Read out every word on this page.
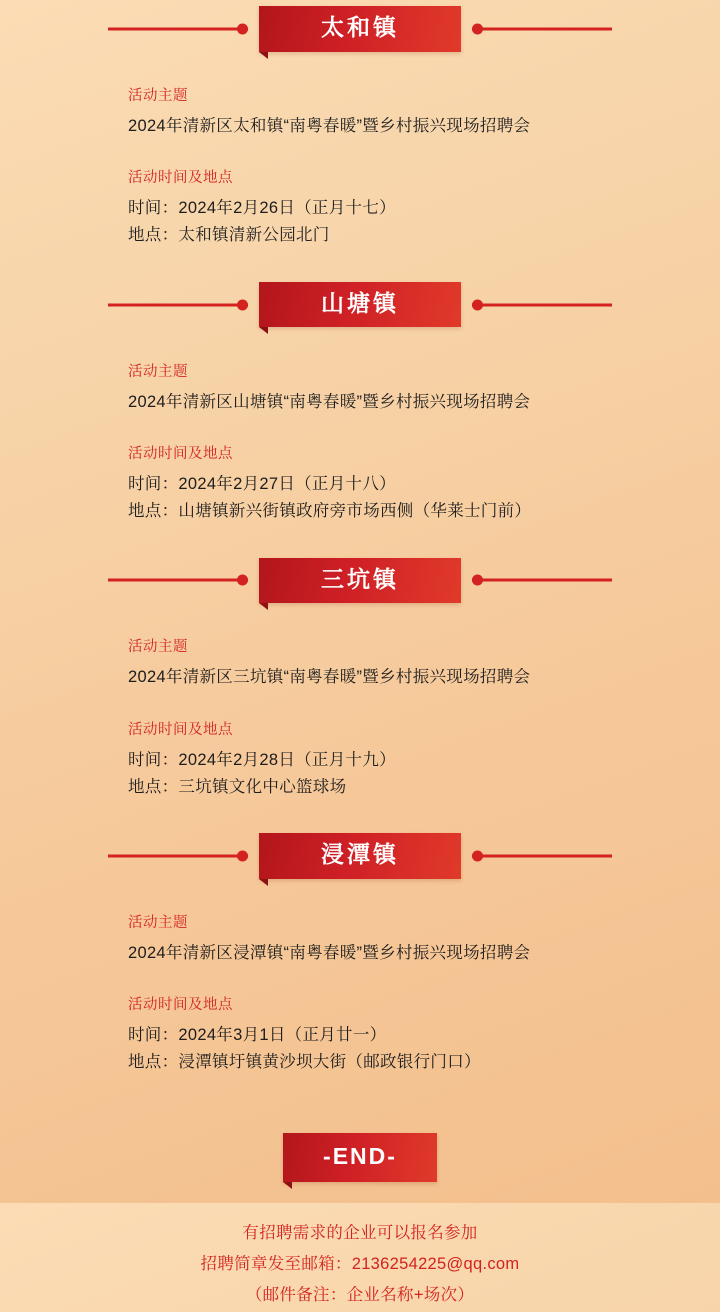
太和镇
活动主题
2024年清新区太和镇“南粤春暖”暨乡村振兴现场招聘会
活动时间及地点
时间：2024年2月26日（正月十七）
地点：太和镇清新公园北门
山塘镇
活动主题
2024年清新区山塘镇“南粤春暖”暨乡村振兴现场招聘会
活动时间及地点
时间：2024年2月27日（正月十八）
地点：山塘镇新兴街镇政府旁市场西侧（华莱士门前）
三坑镇
活动主题
2024年清新区三坑镇“南粤春暖”暨乡村振兴现场招聘会
活动时间及地点
时间：2024年2月28日（正月十九）
地点：三坑镇文化中心篮球场
浸潭镇
活动主题
2024年清新区浸潭镇“南粤春暖”暨乡村振兴现场招聘会
活动时间及地点
时间：2024年3月1日（正月廿一）
地点：浸潭镇圩镇黄沙坝大街（邮政银行门口）
-END-
有招聘需求的企业可以报名参加
招聘简章发至邮箱：2136254225@qq.com
（邮件备注：企业名称+场次）
